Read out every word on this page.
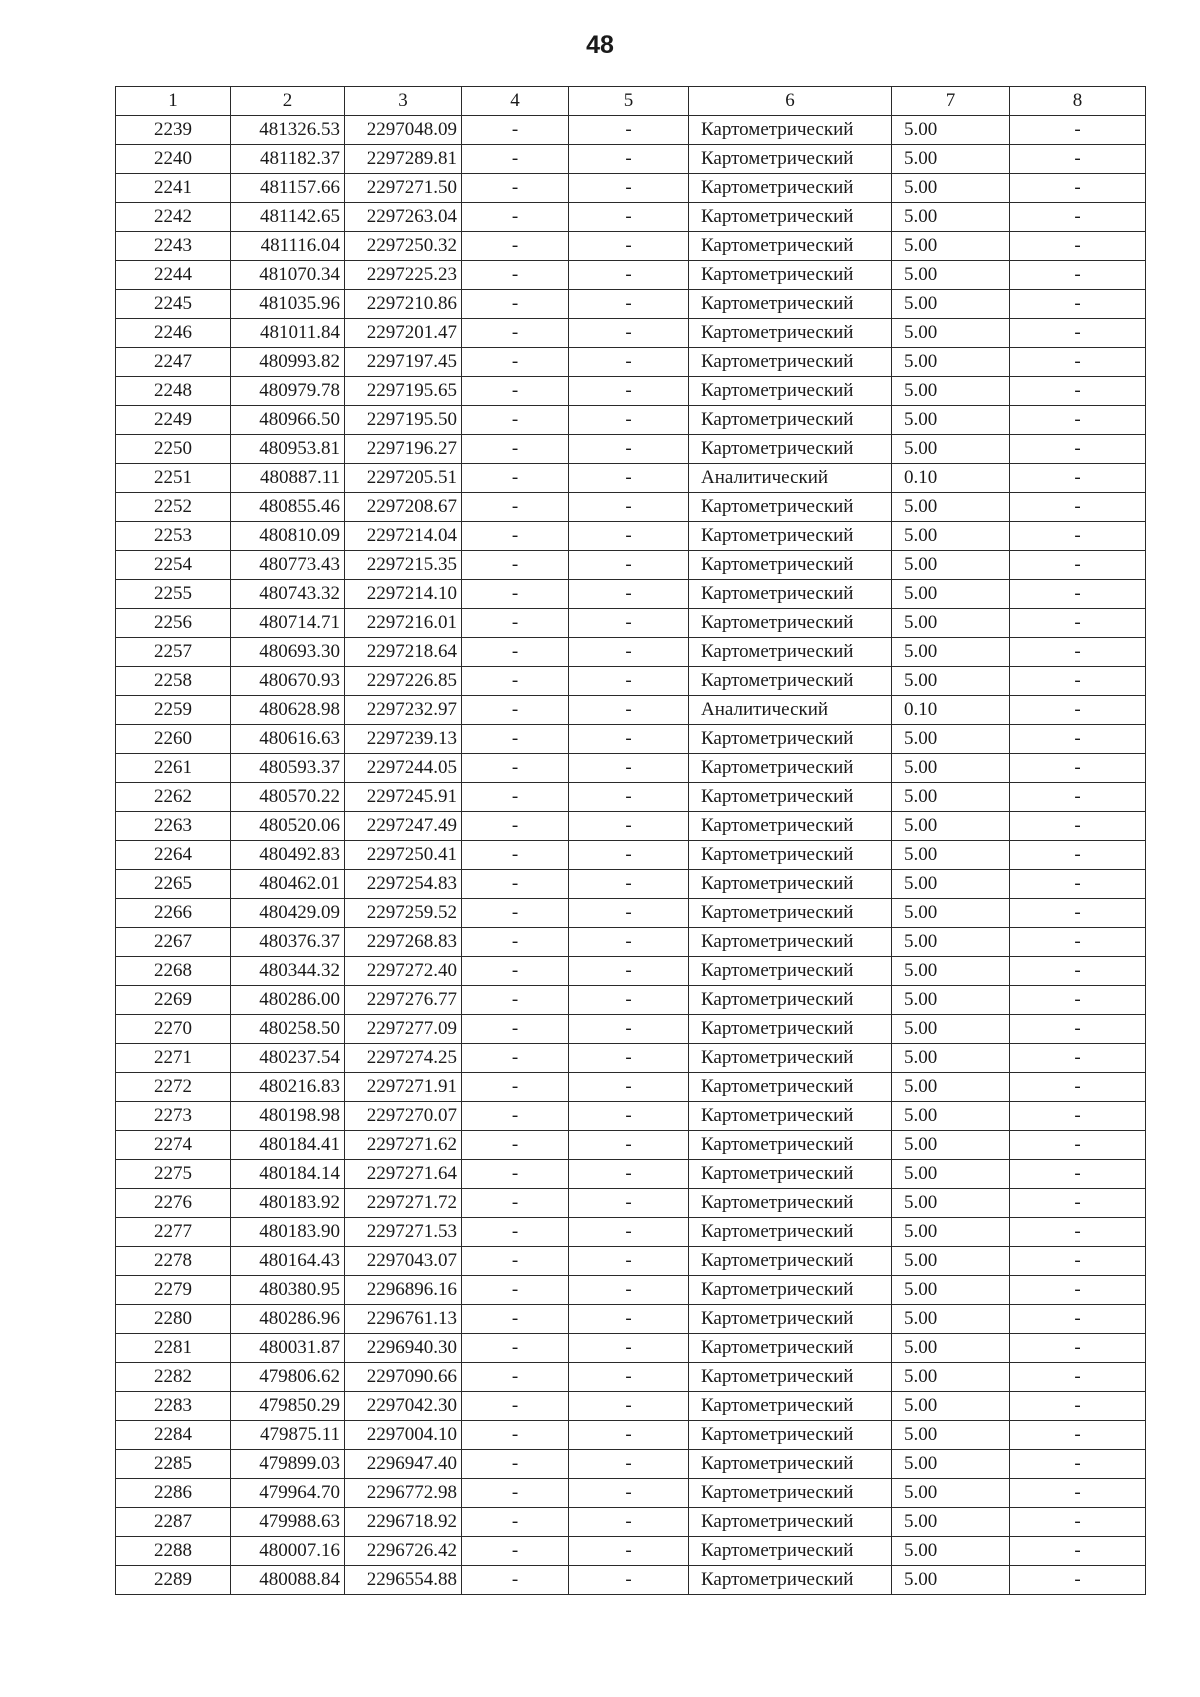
48
1	2	3	4	5	6	7	8
2239	481326.53	2297048.09	-	-	Картометрический	5.00	-
2240	481182.37	2297289.81	-	-	Картометрический	5.00	-
2241	481157.66	2297271.50	-	-	Картометрический	5.00	-
2242	481142.65	2297263.04	-	-	Картометрический	5.00	-
2243	481116.04	2297250.32	-	-	Картометрический	5.00	-
2244	481070.34	2297225.23	-	-	Картометрический	5.00	-
2245	481035.96	2297210.86	-	-	Картометрический	5.00	-
2246	481011.84	2297201.47	-	-	Картометрический	5.00	-
2247	480993.82	2297197.45	-	-	Картометрический	5.00	-
2248	480979.78	2297195.65	-	-	Картометрический	5.00	-
2249	480966.50	2297195.50	-	-	Картометрический	5.00	-
2250	480953.81	2297196.27	-	-	Картометрический	5.00	-
2251	480887.11	2297205.51	-	-	Аналитический	0.10	-
2252	480855.46	2297208.67	-	-	Картометрический	5.00	-
2253	480810.09	2297214.04	-	-	Картометрический	5.00	-
2254	480773.43	2297215.35	-	-	Картометрический	5.00	-
2255	480743.32	2297214.10	-	-	Картометрический	5.00	-
2256	480714.71	2297216.01	-	-	Картометрический	5.00	-
2257	480693.30	2297218.64	-	-	Картометрический	5.00	-
2258	480670.93	2297226.85	-	-	Картометрический	5.00	-
2259	480628.98	2297232.97	-	-	Аналитический	0.10	-
2260	480616.63	2297239.13	-	-	Картометрический	5.00	-
2261	480593.37	2297244.05	-	-	Картометрический	5.00	-
2262	480570.22	2297245.91	-	-	Картометрический	5.00	-
2263	480520.06	2297247.49	-	-	Картометрический	5.00	-
2264	480492.83	2297250.41	-	-	Картометрический	5.00	-
2265	480462.01	2297254.83	-	-	Картометрический	5.00	-
2266	480429.09	2297259.52	-	-	Картометрический	5.00	-
2267	480376.37	2297268.83	-	-	Картометрический	5.00	-
2268	480344.32	2297272.40	-	-	Картометрический	5.00	-
2269	480286.00	2297276.77	-	-	Картометрический	5.00	-
2270	480258.50	2297277.09	-	-	Картометрический	5.00	-
2271	480237.54	2297274.25	-	-	Картометрический	5.00	-
2272	480216.83	2297271.91	-	-	Картометрический	5.00	-
2273	480198.98	2297270.07	-	-	Картометрический	5.00	-
2274	480184.41	2297271.62	-	-	Картометрический	5.00	-
2275	480184.14	2297271.64	-	-	Картометрический	5.00	-
2276	480183.92	2297271.72	-	-	Картометрический	5.00	-
2277	480183.90	2297271.53	-	-	Картометрический	5.00	-
2278	480164.43	2297043.07	-	-	Картометрический	5.00	-
2279	480380.95	2296896.16	-	-	Картометрический	5.00	-
2280	480286.96	2296761.13	-	-	Картометрический	5.00	-
2281	480031.87	2296940.30	-	-	Картометрический	5.00	-
2282	479806.62	2297090.66	-	-	Картометрический	5.00	-
2283	479850.29	2297042.30	-	-	Картометрический	5.00	-
2284	479875.11	2297004.10	-	-	Картометрический	5.00	-
2285	479899.03	2296947.40	-	-	Картометрический	5.00	-
2286	479964.70	2296772.98	-	-	Картометрический	5.00	-
2287	479988.63	2296718.92	-	-	Картометрический	5.00	-
2288	480007.16	2296726.42	-	-	Картометрический	5.00	-
2289	480088.84	2296554.88	-	-	Картометрический	5.00	-
